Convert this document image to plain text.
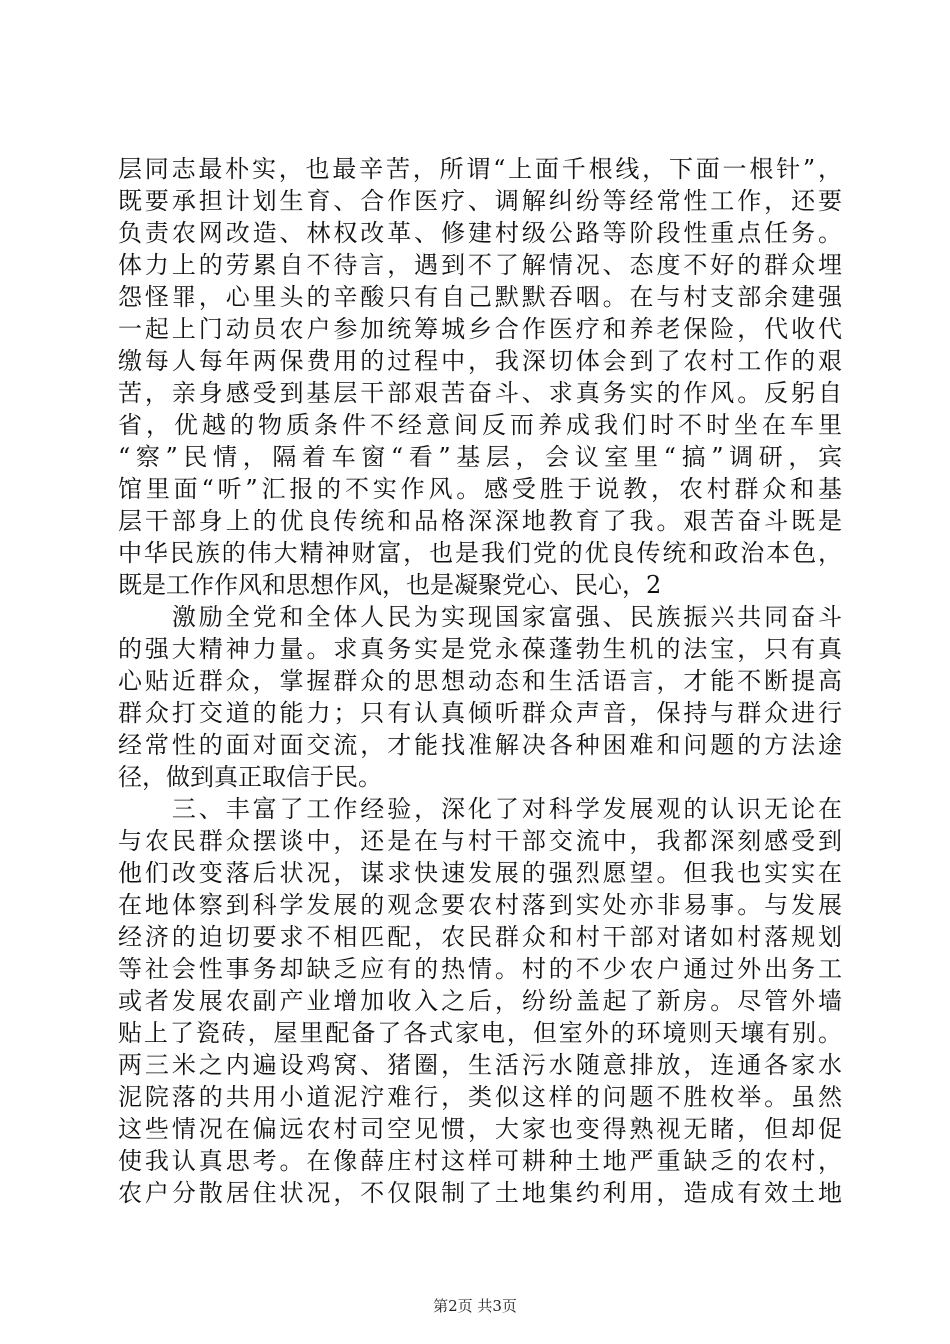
层同志最朴实，也最辛苦，所谓“上面千根线，下面一根针”，
既要承担计划生育、合作医疗、调解纠纷等经常性工作，还要
负责农网改造、林权改革、修建村级公路等阶段性重点任务。
体力上的劳累自不待言，遇到不了解情况、态度不好的群众埋
怨怪罪，心里头的辛酸只有自己默默吞咽。在与村支部余建强
一起上门动员农户参加统筹城乡合作医疗和养老保险，代收代
缴每人每年两保费用的过程中，我深切体会到了农村工作的艰
苦，亲身感受到基层干部艰苦奋斗、求真务实的作风。反躬自
省，优越的物质条件不经意间反而养成我们时不时坐在车里
“察”民情，隔着车窗“看”基层，会议室里“搞”调研，宾
馆里面“听”汇报的不实作风。感受胜于说教，农村群众和基
层干部身上的优良传统和品格深深地教育了我。艰苦奋斗既是
中华民族的伟大精神财富，也是我们党的优良传统和政治本色，
既是工作作风和思想作风，也是凝聚党心、民心，2
　　激励全党和全体人民为实现国家富强、民族振兴共同奋斗
的强大精神力量。求真务实是党永葆蓬勃生机的法宝，只有真
心贴近群众，掌握群众的思想动态和生活语言，才能不断提高
群众打交道的能力；只有认真倾听群众声音，保持与群众进行
经常性的面对面交流，才能找准解决各种困难和问题的方法途
径，做到真正取信于民。
　　三、丰富了工作经验，深化了对科学发展观的认识无论在
与农民群众摆谈中，还是在与村干部交流中，我都深刻感受到
他们改变落后状况，谋求快速发展的强烈愿望。但我也实实在
在地体察到科学发展的观念要农村落到实处亦非易事。与发展
经济的迫切要求不相匹配，农民群众和村干部对诸如村落规划
等社会性事务却缺乏应有的热情。村的不少农户通过外出务工
或者发展农副产业增加收入之后，纷纷盖起了新房。尽管外墙
贴上了瓷砖，屋里配备了各式家电，但室外的环境则天壤有别。
两三米之内遍设鸡窝、猪圈，生活污水随意排放，连通各家水
泥院落的共用小道泥泞难行，类似这样的问题不胜枚举。虽然
这些情况在偏远农村司空见惯，大家也变得熟视无睹，但却促
使我认真思考。在像薛庄村这样可耕种土地严重缺乏的农村，
农户分散居住状况，不仅限制了土地集约利用，造成有效土地
第2页 共3页
